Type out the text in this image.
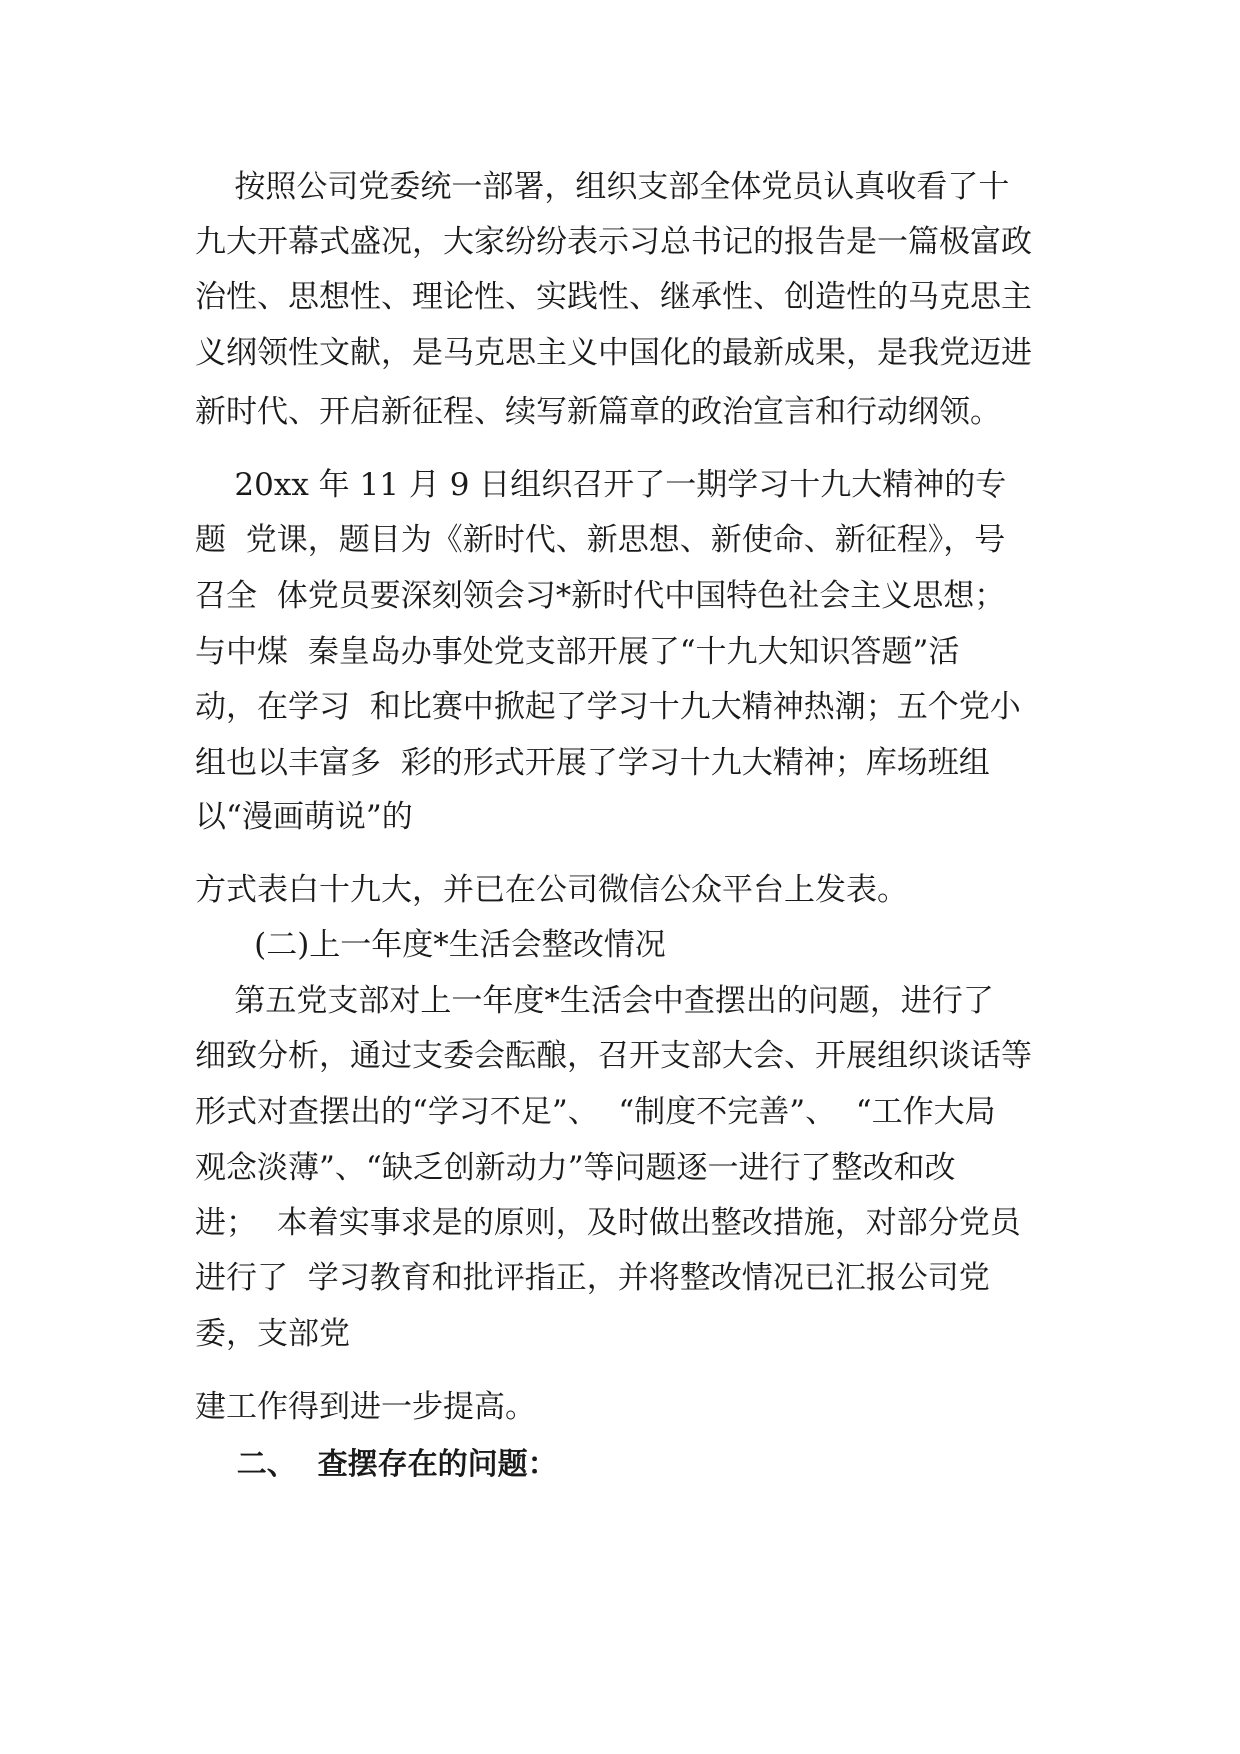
按照公司党委统一部署，组织支部全体党员认真收看了十

九大开幕式盛况，大家纷纷表示习总书记的报告是一篇极富政

治性、思想性、理论性、实践性、继承性、创造性的马克思主

义纲领性文献，是马克思主义中国化的最新成果，是我党迈进

新时代、开启新征程、续写新篇章的政治宣言和行动纲领。

20xx 年 11 月 9 日组织召开了一期学习十九大精神的专

题  党课，题目为《新时代、新思想、新使命、新征程》，号

召全  体党员要深刻领会习*新时代中国特色社会主义思想；

与中煤  秦皇岛办事处党支部开展了“十九大知识答题”活

动，在学习  和比赛中掀起了学习十九大精神热潮；五个党小

组也以丰富多  彩的形式开展了学习十九大精神；库场班组

以“漫画萌说”的

方式表白十九大，并已在公司微信公众平台上发表。

(二)上一年度*生活会整改情况

第五党支部对上一年度*生活会中查摆出的问题，进行了

细致分析，通过支委会酝酿，召开支部大会、开展组织谈话等

形式对查摆出的“学习不足”、  “制度不完善”、  “工作大局

观念淡薄”、“缺乏创新动力”等问题逐一进行了整改和改

进；  本着实事求是的原则，及时做出整改措施，对部分党员

进行了  学习教育和批评指正，并将整改情况已汇报公司党

委，支部党

建工作得到进一步提高。

二、  查摆存在的问题：
